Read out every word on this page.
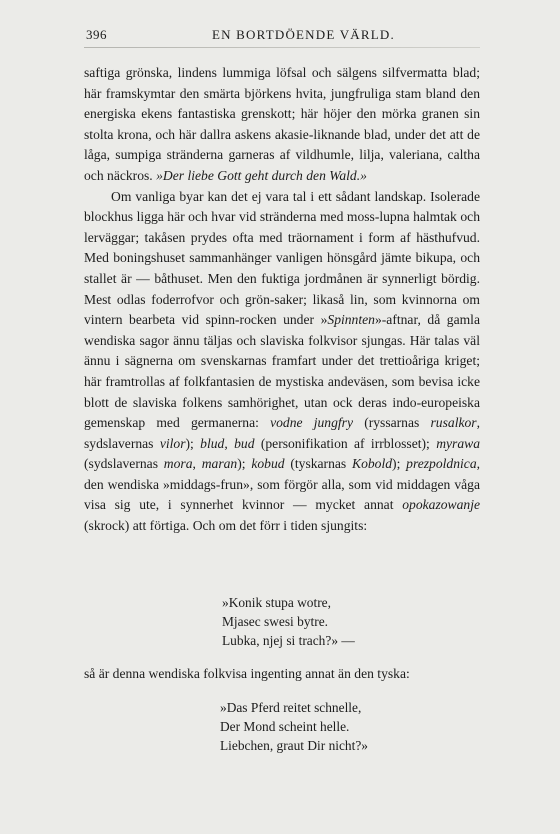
396	EN BORTDÖENDE VÄRLD.

saftiga grönska, lindens lummiga löfsal och sälgens silfvermatta blad; här framskymtar den smärta björkens hvita, jungfruliga stam bland den energiska ekens fantastiska grenskott; här höjer den mörka granen sin stolta krona, och här dallra askens akasie-liknande blad, under det att de låga, sumpiga stränderna garneras af vildhumle, lilja, valeriana, caltha och näckros. »Der liebe Gott geht durch den Wald.»

Om vanliga byar kan det ej vara tal i ett sådant landskap. Isolerade blockhus ligga här och hvar vid stränderna med moss-lupna halmtak och lerväggar; takåsen prydes ofta med träornament i form af hästhufvud. Med boningshuset sammanhänger vanligen hönsgård jämte bikupa, och stallet är — båthuset. Men den fuktiga jordmånen är synnerligt bördig. Mest odlas foderrofvor och grön-saker; likaså lin, som kvinnorna om vintern bearbeta vid spinn-rocken under »Spinnten»-aftnar, då gamla wendiska sagor ännu täljas och slaviska folkvisor sjungas. Här talas väl ännu i sägnerna om svenskarnas framfart under det trettioåriga kriget; här framtrollas af folkfantasien de mystiska andeväsen, som bevisa icke blott de slaviska folkens samhörighet, utan ock deras indo-europeiska gemenskap med germanerna: vodne jungfry (ryssarnas rusalkor, sydslavernas vilor); blud, bud (personifikation af irrblosset); myrawa (sydslavernas mora, maran); kobud (tyskarnas Kobold); prezpoldnica, den wendiska »middags-frun», som förgör alla, som vid middagen våga visa sig ute, i synnerhet kvinnor — mycket annat opokazowanje (skrock) att förtiga. Och om det förr i tiden sjungits:

»Konik stupa wotre,
Mjasec swesi bytre.
Lubka, njej si trach?» —
så är denna wendiska folkvisa ingenting annat än den tyska:
»Das Pferd reitet schnelle,
Der Mond scheint helle.
Liebchen, graut Dir nicht?»
